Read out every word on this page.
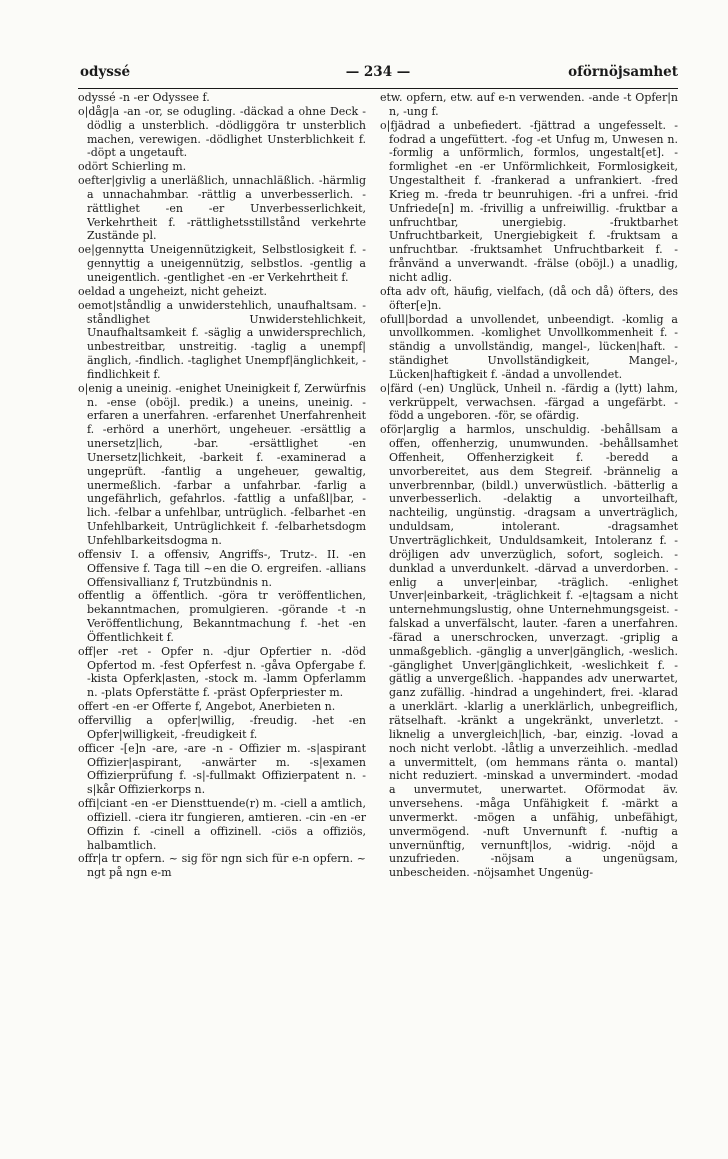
odyssé	— 234 —	oförnöjsamhet

odyssé -n -er Odyssee f.

o|dåg|a -an -or, se odugling. -däckad a ohne Deck -dödlig a unsterblich. -dödliggöra tr unsterblich machen, verewigen. -dödlighet Unsterblichkeit f. -döpt a ungetauft.

odört Schierling m.

oefter|givlig a unerläßlich, unnachläßlich. -härmlig a unnachahmbar. -rättlig a unverbesserlich. -rättlighet -en -er Unverbesserlichkeit, Verkehrtheit f. -rättlighetsstillstånd verkehrte Zustände pl.

oe|gennytta Uneigennützigkeit, Selbstlosigkeit f. -gennyttig a uneigennützig, selbstlos. -gentlig a uneigentlich. -gentlighet -en -er Verkehrtheit f.

oeldad a ungeheizt, nicht geheizt.

oemot|ståndlig a unwiderstehlich, unaufhaltsam. -ståndlighet Unwiderstehlichkeit, Unaufhaltsamkeit f. -säglig a unwidersprechlich, unbestreitbar, unstreitig. -taglig a unempf|änglich, -findlich. -taglighet Unempf|änglichkeit, -findlichkeit f.

o|enig a uneinig. -enighet Uneinigkeit f, Zerwürfnis n. -ense (oböjl. predik.) a uneins, uneinig. -erfaren a unerfahren. -erfarenhet Unerfahrenheit f. -erhörd a unerhört, ungeheuer. -ersättlig a unersetz|lich, -bar. -ersättlighet -en Unersetz|lichkeit, -barkeit f. -examinerad a ungeprüft. -fantlig a ungeheuer, gewaltig, unermeßlich. -farbar a unfahrbar. -farlig a ungefährlich, gefahrlos. -fattlig a unfaßl|bar, -lich. -felbar a unfehlbar, untrüglich. -felbarhet -en Unfehlbarkeit, Untrüglichkeit f. -felbarhetsdogm Unfehlbarkeitsdogma n.

offensiv I. a offensiv, Angriffs-, Trutz-. II. -en Offensive f. Taga till ~en die O. ergreifen. -allians Offensivallianz f, Trutzbündnis n.

offentlig a öffentlich. -göra tr veröffentlichen, bekanntmachen, promulgieren. -görande -t -n Veröffentlichung, Bekanntmachung f. -het -en Öffentlichkeit f.

off|er -ret - Opfer n. -djur Opfertier n. -död Opfertod m. -fest Opferfest n. -gåva Opfergabe f. -kista Opferk|asten, -stock m. -lamm Opferlamm n. -plats Opferstätte f. -präst Opferpriester m.

offert -en -er Offerte f, Angebot, Anerbieten n.

offervillig a opfer|willig, -freudig. -het -en Opfer|willigkeit, -freudigkeit f.

officer -[e]n -are, -are -n - Offizier m. -s|aspirant Offizier|aspirant, -anwärter m. -s|examen Offizierprüfung f. -s|-fullmakt Offizierpatent n. -s|kår Offizierkorps n.

offi|ciant -en -er Diensttuende(r) m. -ciell a amtlich, offiziell. -ciera itr fungieren, amtieren. -cin -en -er Offizin f. -cinell a offizinell. -ciös a offiziös, halbamtlich.

offr|a tr opfern. ~ sig för ngn sich für e-n opfern. ~ ngt på ngn e-m

etw. opfern, etw. auf e-n verwenden. -ande -t Opfer|n n, -ung f.

o|fjädrad a unbefiedert. -fjättrad a ungefesselt. -fodrad a ungefüttert. -fog -et Unfug m, Unwesen n. -formlig a unförmlich, formlos, ungestalt[et]. -formlighet -en -er Unförmlichkeit, Formlosigkeit, Ungestaltheit f. -frankerad a unfrankiert. -fred Krieg m. -freda tr beunruhigen. -fri a unfrei. -frid Unfriede[n] m. -frivillig a unfreiwillig. -fruktbar a unfruchtbar, unergiebig. -fruktbarhet Unfruchtbarkeit, Unergiebigkeit f. -fruktsam a unfruchtbar. -fruktsamhet Unfruchtbarkeit f. -frånvänd a unverwandt. -frälse (oböjl.) a unadlig, nicht adlig.

ofta adv oft, häufig, vielfach, (då och då) öfters, des öfter[e]n.

ofull|bordad a unvollendet, unbeendigt. -komlig a unvollkommen. -komlighet Unvollkommenheit f. -ständig a unvollständig, mangel-, lücken|haft. -ständighet Unvollständigkeit, Mangel-, Lücken|haftigkeit f. -ändad a unvollendet.

o|färd (-en) Unglück, Unheil n. -färdig a (lytt) lahm, verkrüppelt, verwachsen. -färgad a ungefärbt. -född a ungeboren. -för, se ofärdig.

oför|arglig a harmlos, unschuldig. -behållsam a offen, offenherzig, unumwunden. -behållsamhet Offenheit, Offenherzigkeit f. -beredd a unvorbereitet, aus dem Stegreif. -brännelig a unverbrennbar, (bildl.) unverwüstlich. -bätterlig a unverbesserlich. -delaktig a unvorteilhaft, nachteilig, ungünstig. -dragsam a unverträglich, unduldsam, intolerant. -dragsamhet Unverträglichkeit, Unduldsamkeit, Intoleranz f. -dröjligen adv unverzüglich, sofort, sogleich. -dunklad a unverdunkelt. -därvad a unverdorben. -enlig a unver|einbar, -träglich. -enlighet Unver|einbarkeit, -träglichkeit f. -e|tagsam a nicht unternehmungslustig, ohne Unternehmungsgeist. -falskad a unverfälscht, lauter. -faren a unerfahren. -färad a unerschrocken, unverzagt. -griplig a unmaßgeblich. -gänglig a unver|gänglich, -weslich. -gänglighet Unver|gänglichkeit, -weslichkeit f. -gätlig a unvergeßlich. -happandes adv unerwartet, ganz zufällig. -hindrad a ungehindert, frei. -klarad a unerklärt. -klarlig a unerklärlich, unbegreiflich, rätselhaft. -kränkt a ungekränkt, unverletzt. -liknelig a unvergleich|lich, -bar, einzig. -lovad a noch nicht verlobt. -låtlig a unverzeihlich. -medlad a unvermittelt, (om hemmans ränta o. mantal) nicht reduziert. -minskad a unvermindert. -modad a unvermutet, unerwartet. Oförmodat äv. unversehens. -måga Unfähigkeit f. -märkt a unvermerkt. -mögen a unfähig, unbefähigt, unvermögend. -nuft Unvernunft f. -nuftig a unvernünftig, vernunft|los, -widrig. -nöjd a unzufrieden. -nöjsam a ungenügsam, unbescheiden. -nöjsamhet Ungenüg-
